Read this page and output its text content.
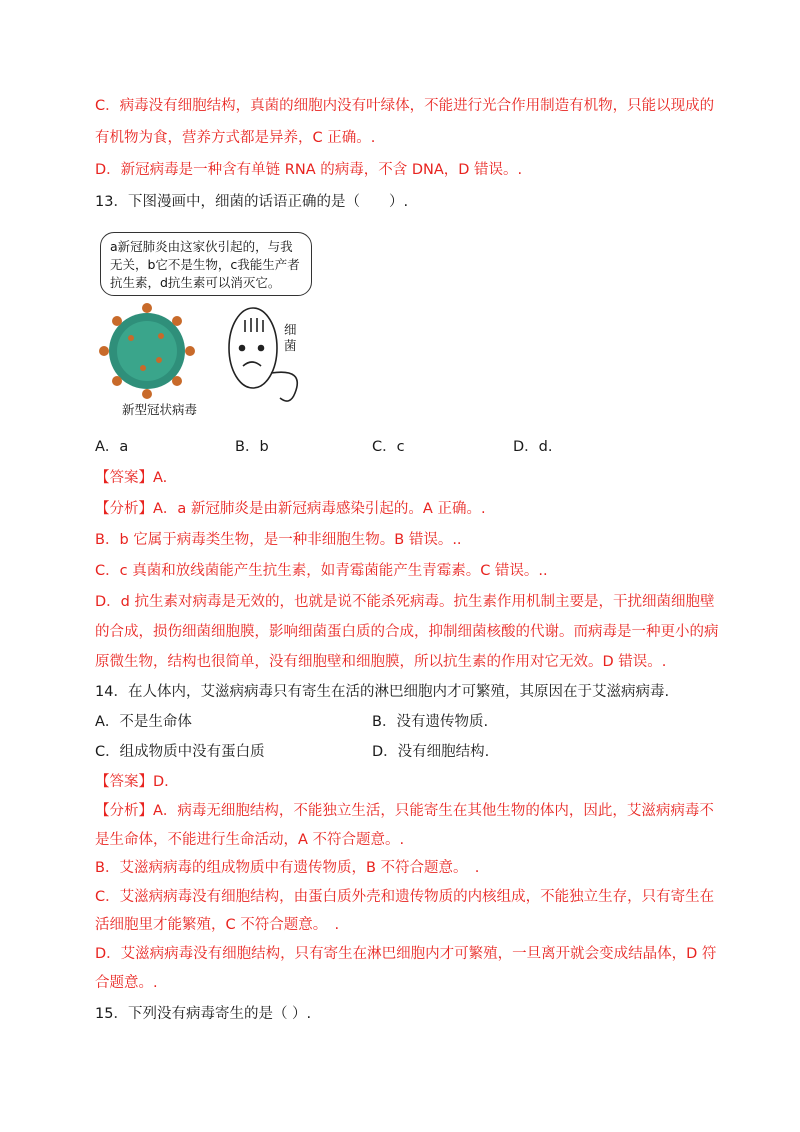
C．病毒没有细胞结构，真菌的细胞内没有叶绿体，不能进行光合作用制造有机物，只能以现成的
有机物为食，营养方式都是异养，C 正确。.
D．新冠病毒是一种含有单链 RNA 的病毒，不含 DNA，D 错误。.
13．下图漫画中，细菌的话语正确的是（　　）.
a新冠肺炎由这家伙引起的，与我
无关，b它不是生物，c我能生产者
抗生素，d抗生素可以消灭它。
细
菌
新型冠状病毒
A．a	B．b	C．c	D．d.
【答案】A.
【分析】A．a 新冠肺炎是由新冠病毒感染引起的。A 正确。.
B．b 它属于病毒类生物，是一种非细胞生物。B 错误。..
C．c 真菌和放线菌能产生抗生素，如青霉菌能产生青霉素。C 错误。..
D．d 抗生素对病毒是无效的，也就是说不能杀死病毒。抗生素作用机制主要是，干扰细菌细胞壁
的合成，损伤细菌细胞膜，影响细菌蛋白质的合成，抑制细菌核酸的代谢。而病毒是一种更小的病
原微生物，结构也很简单，没有细胞壁和细胞膜，所以抗生素的作用对它无效。D 错误。.
14．在人体内，艾滋病病毒只有寄生在活的淋巴细胞内才可繁殖，其原因在于艾滋病病毒.
A．不是生命体	B．没有遗传物质.
C．组成物质中没有蛋白质	D．没有细胞结构.
【答案】D.
【分析】A．病毒无细胞结构，不能独立生活，只能寄生在其他生物的体内，因此，艾滋病病毒不
是生命体，不能进行生命活动，A 不符合题意。.
B．艾滋病病毒的组成物质中有遗传物质，B 不符合题意。　.
C．艾滋病病毒没有细胞结构，由蛋白质外壳和遗传物质的内核组成，不能独立生存，只有寄生在
活细胞里才能繁殖，C 不符合题意。　.
D．艾滋病病毒没有细胞结构，只有寄生在淋巴细胞内才可繁殖，一旦离开就会变成结晶体，D 符
合题意。.
15．下列没有病毒寄生的是（ ）.
